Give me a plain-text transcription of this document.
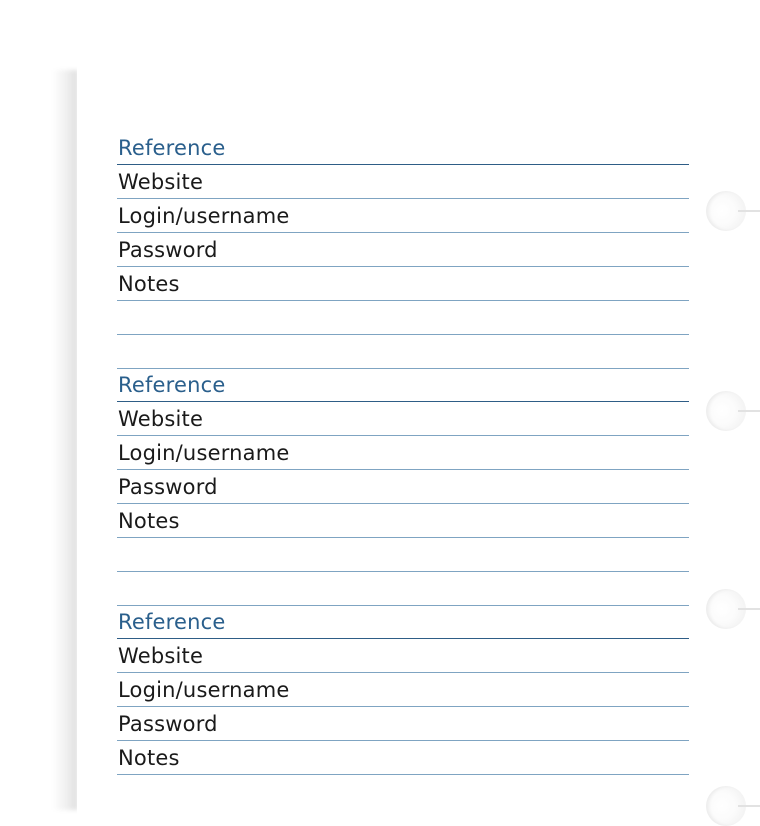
Reference
Website
Login/username
Password
Notes
Reference
Website
Login/username
Password
Notes
Reference
Website
Login/username
Password
Notes
